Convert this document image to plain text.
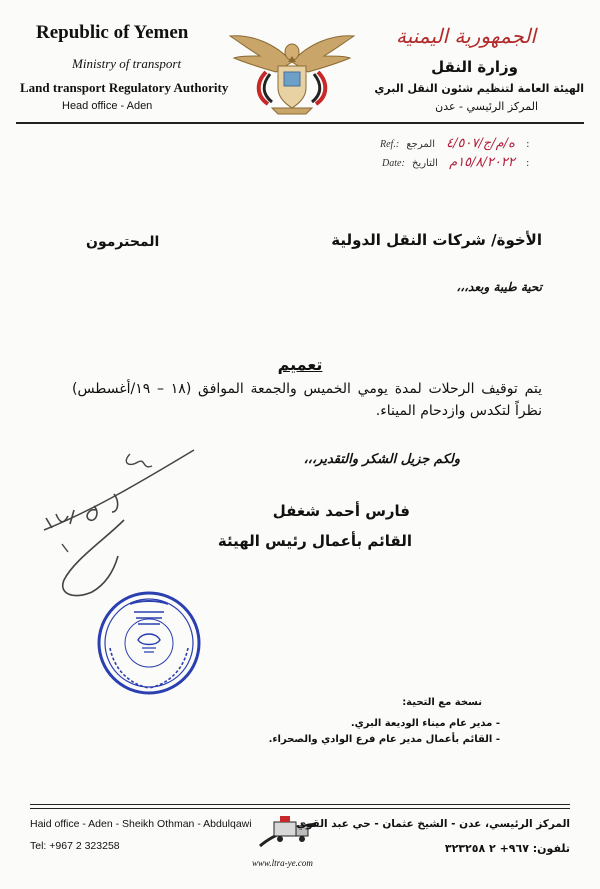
Republic of Yemen
Ministry of transport
Land transport Regulatory Authority
Head office - Aden
الجمهورية اليمنية
وزارة النقل
الهيئة العامة لتنظيم شئون النقل البري
المركز الرئيسي - عدن
Ref.:	ه/م/ج/٤/٥٠٧ المرجع :
Date:	١٥/٨/٢٠٢٢م التاريخ :
الأخوة/ شركات النقل الدولية
المحترمون
تحية طيبة وبعد،،،
تعميم
يتم توقيف الرحلات لمدة يومي الخميس والجمعة الموافق (١٨ – ١٩/أغسطس) نظراً لتكدس وازدحام الميناء.
ولكم جزيل الشكر والتقدير،،،
فارس أحمد شغفل
القائم بأعمال رئيس الهيئة
نسخة مع التحية:
- مدير عام ميناء الوديعة البري.
- القائم بأعمال مدير عام فرع الوادي والصحراء.
Haid office - Aden - Sheikh Othman - Abdulqawi
Tel: +967 2 323258
www.ltra-ye.com
المركز الرئيسي، عدن - الشيخ عثمان - حي عبد القوي
تلفون: ٩٦٧+ ٢ ٣٢٣٢٥٨
